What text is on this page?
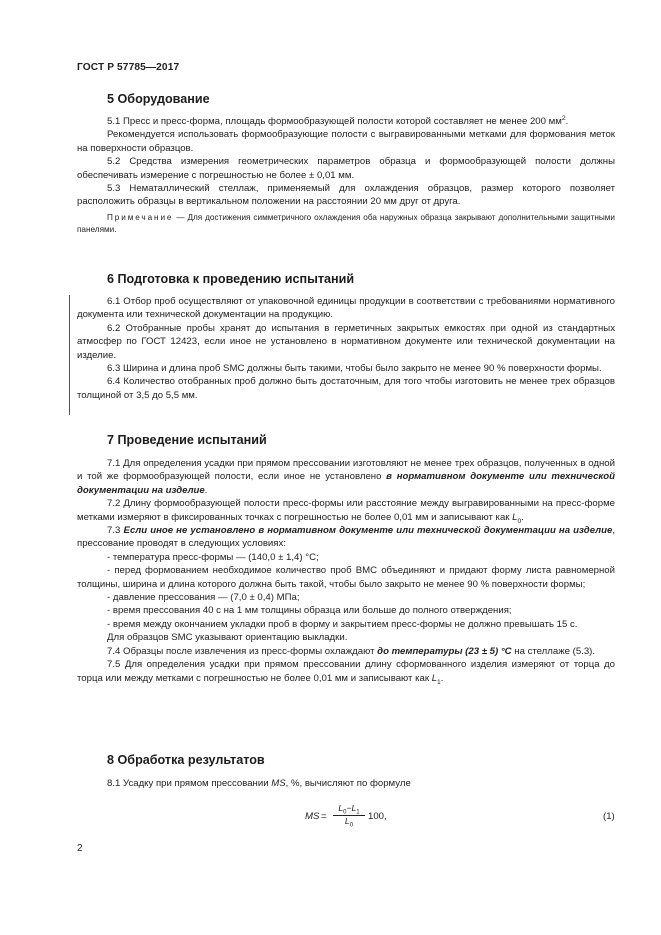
ГОСТ Р 57785—2017
5 Оборудование

5.1 Пресс и пресс-форма, площадь формообразующей полости которой составляет не менее 200 $мм^2$.

Рекомендуется использовать формообразующие полости с выгравированными метками для формования меток на поверхности образцов.

5.2 Средства измерения геометрических параметров образца и формообразующей полости должны обеспечивать измерение с погрешностью не более ± 0,01 мм.

5.3 Нематаллический стеллаж, применяемый для охлаждения образцов, размер которого позволяет расположить образцы в вертикальном положении на расстоянии 20 мм друг от друга.

Примечание — Для достижения симметричного охлаждения оба наружных образца закрывают дополнительными защитными панелями.

6 Подготовка к проведению испытаний

6.1 Отбор проб осуществляют от упаковочной единицы продукции в соответствии с требованиями нормативного документа или технической документации на продукцию.

6.2 Отобранные пробы хранят до испытания в герметичных закрытых емкостях при одной из стандартных атмосфер по ГОСТ 12423, если иное не установлено в нормативном документе или технической документации на изделие.

6.3 Ширина и длина проб SMC должны быть такими, чтобы было закрыто не менее 90 % поверхности формы.

6.4 Количество отобранных проб должно быть достаточным, для того чтобы изготовить не менее трех образцов толщиной от 3,5 до 5,5 мм.

7 Проведение испытаний

7.1 Для определения усадки при прямом прессовании изготовляют не менее трех образцов, полученных в одной и той же формообразующей полости, если иное не установлено в нормативном документе или технической документации на изделие.

7.2 Длину формообразующей полости пресс-формы или расстояние между выгравированными на пресс-форме метками измеряют в фиксированных точках с погрешностью не более 0,01 мм и записывают как $L_0$.

7.3 Если иное не установлено в нормативном документе или технической документации на изделие, прессование проводят в следующих условиях:

- температура пресс-формы — (140,0 ± 1,4) °С;

- перед формованием необходимое количество проб ВМС объединяют и придают форму листа равномерной толщины, ширина и длина которого должна быть такой, чтобы было закрыто не менее 90 % поверхности формы;

- давление прессования — (7,0 ± 0,4) МПа;

- время прессования 40 с на 1 мм толщины образца или больше до полного отверждения;

- время между окончанием укладки проб в форму и закрытием пресс-формы не должно превышать 15 с.

Для образцов SMC указывают ориентацию выкладки.

7.4 Образцы после извлечения из пресс-формы охлаждают до температуры (23 ± 5) °С на стеллаже (5.3).

7.5 Для определения усадки при прямом прессовании длину сформованного изделия измеряют от торца до торца или между метками с погрешностью не более 0,01 мм и записывают как $L_1$.

8 Обработка результатов

8.1 Усадку при прямом прессовании MS, %, вычисляют по формуле

MS = $\frac{L_0-L_1}{L_0} 100$,	(1)
2
